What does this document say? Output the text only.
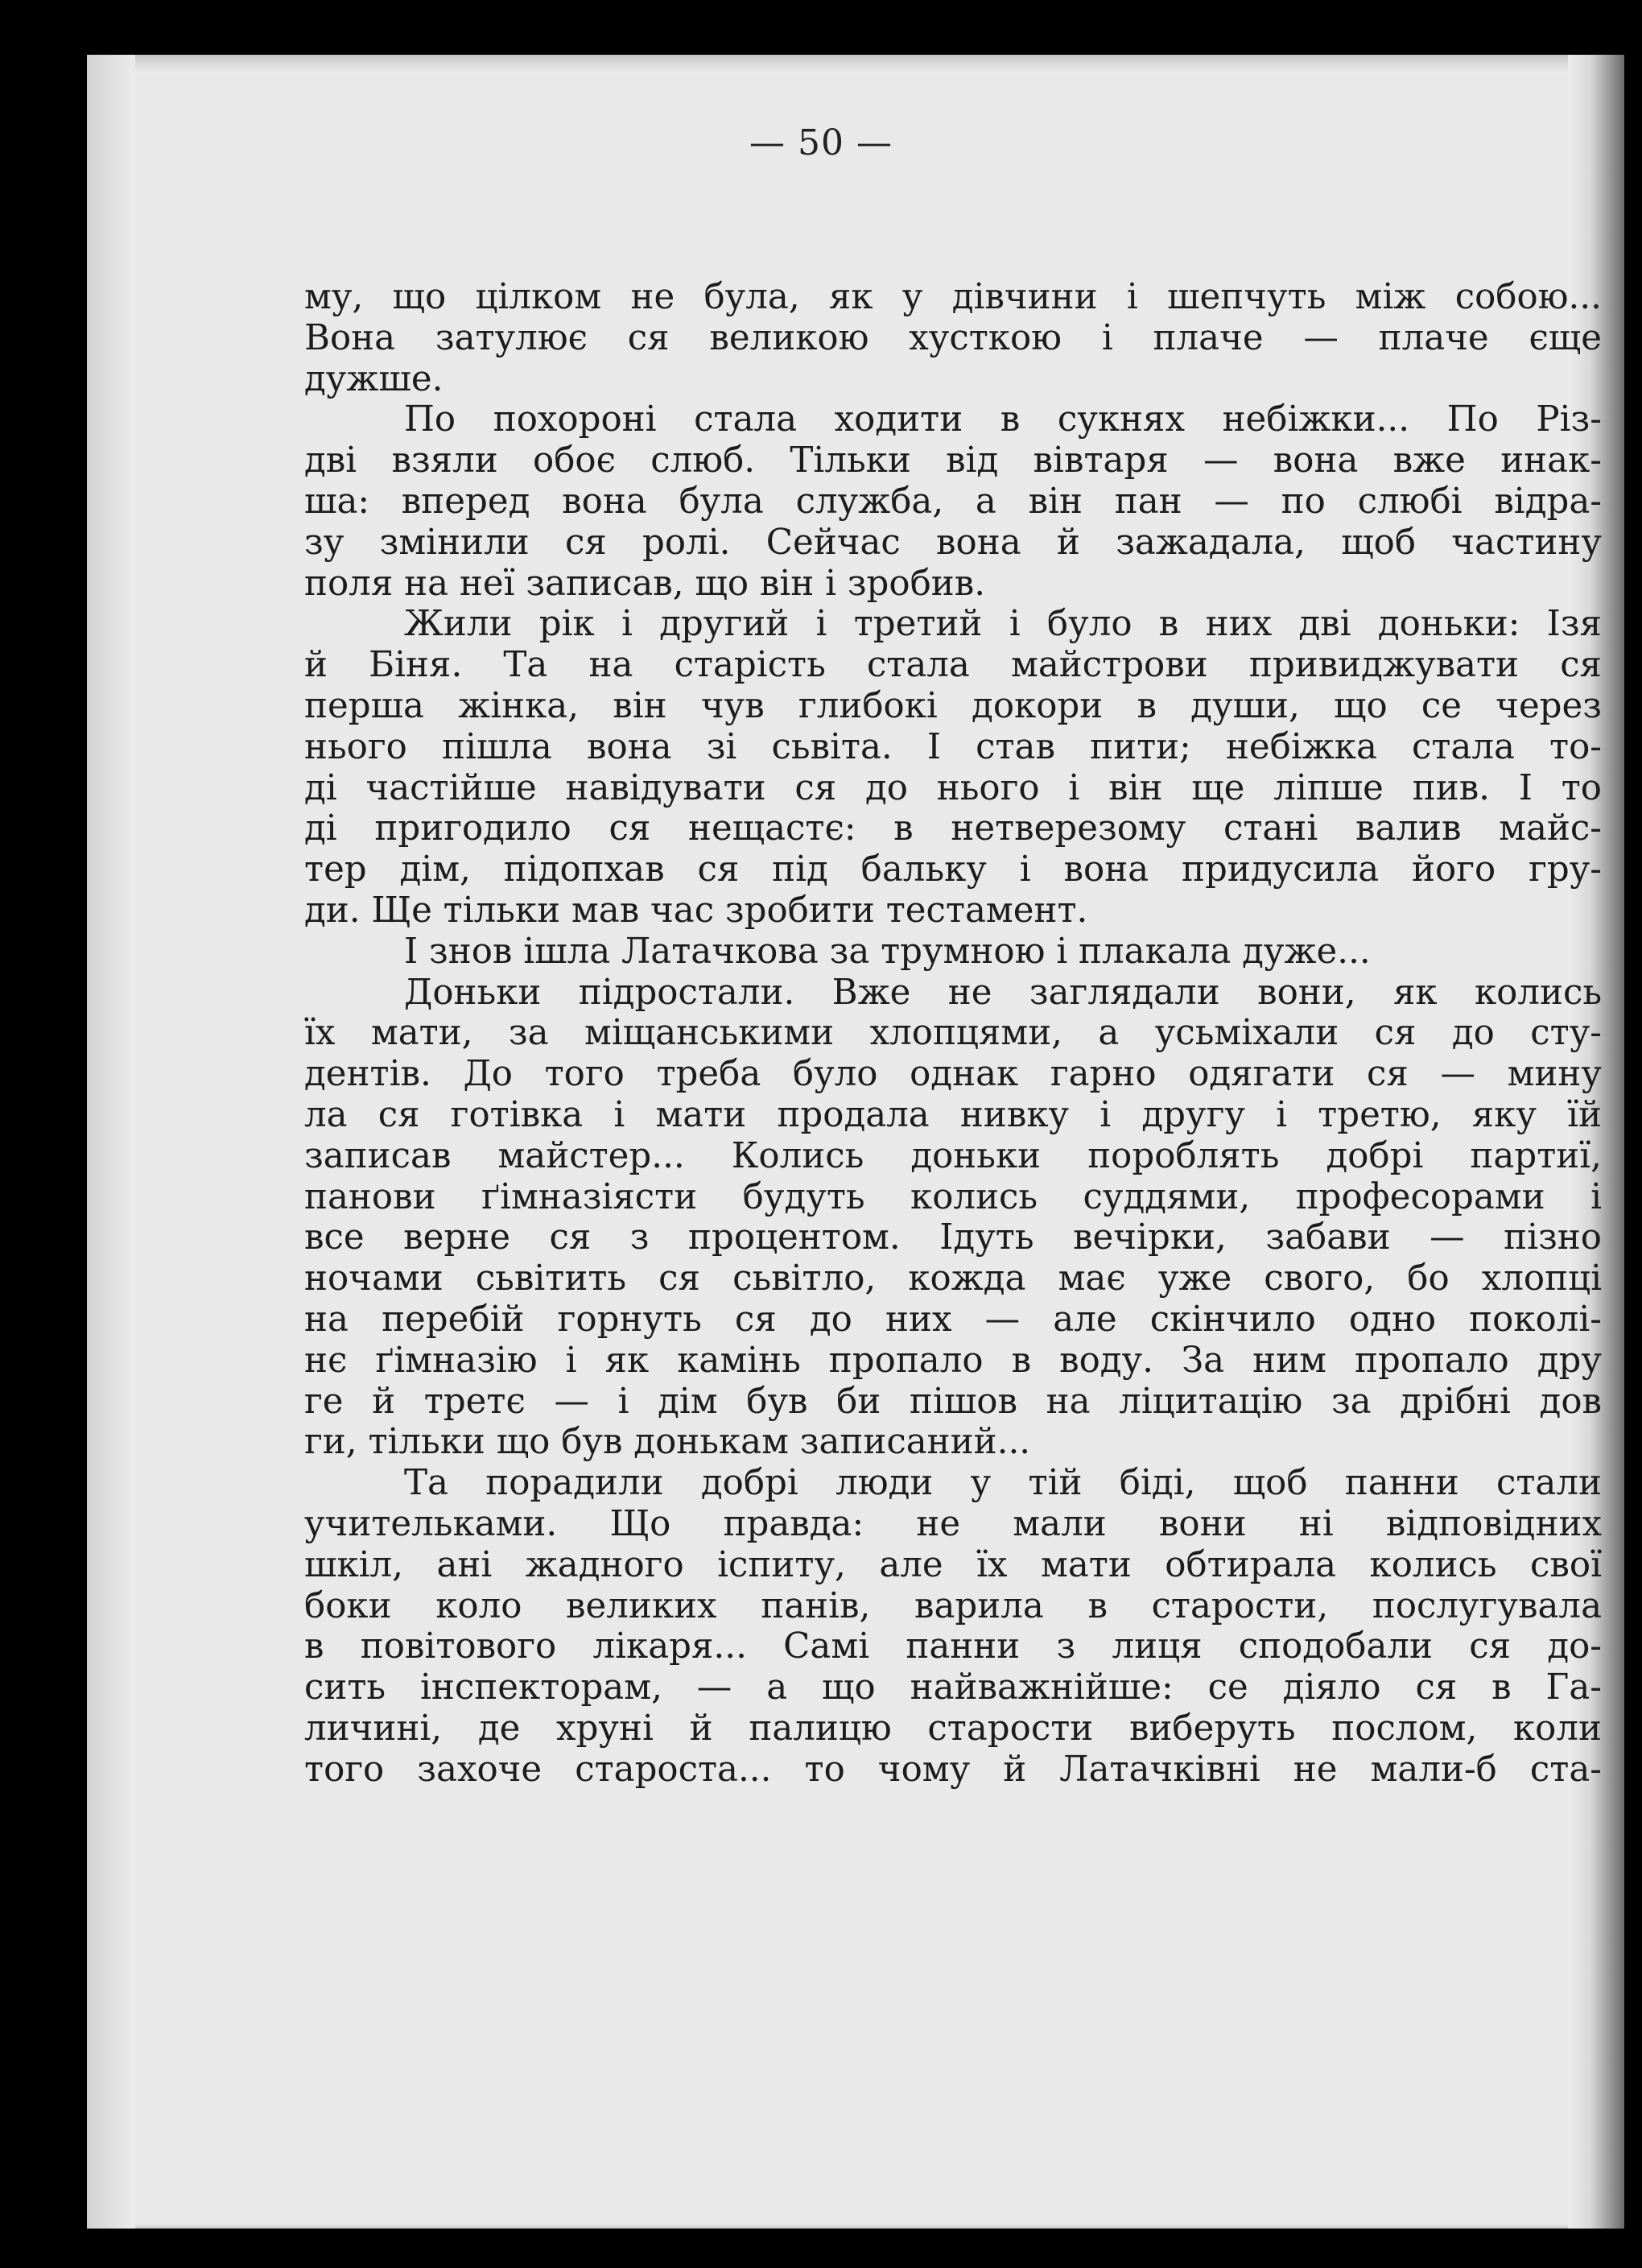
— 50 —
му, що цілком не була, як у дівчини і шепчуть між собою...
Вона затулює ся великою хусткою і плаче — плаче єще
дужше.
По похороні стала ходити в сукнях небіжки... По Різ-
дві взяли обоє слюб. Тільки від вівтаря — вона вже инак-
ша: вперед вона була служба, а він пан — по слюбі відра-
зу змінили ся ролі. Сейчас вона й зажадала, щоб частину
поля на неї записав, що він і зробив.
Жили рік і другий і третий і було в них дві доньки: Ізя
й Біня. Та на старість стала майстрови привиджувати ся
перша жінка, він чув глибокі докори в души, що се через
нього пішла вона зі сьвіта. І став пити; небіжка стала то-
ді частійше навідувати ся до нього і він ще ліпше пив. І то
ді пригодило ся нещастє: в нетверезому стані валив майс-
тер дім, підопхав ся під бальку і вона придусила його гру-
ди. Ще тільки мав час зробити тестамент.
І знов ішла Латачкова за трумною і плакала дуже...
Доньки підростали. Вже не заглядали вони, як колись
їх мати, за міщанськими хлопцями, а усьміхали ся до сту-
дентів. До того треба було однак гарно одягати ся — мину
ла ся готівка і мати продала нивку і другу і третю, яку їй
записав майстер... Колись доньки пороблять добрі партиї,
панови ґімназіясти будуть колись суддями, професорами і
все верне ся з процентом. Ідуть вечірки, забави — пізно
ночами сьвітить ся сьвітло, кожда має уже свого, бо хлопці
на перебій горнуть ся до них — але скінчило одно поколі-
нє ґімназію і як камінь пропало в воду. За ним пропало дру
ге й третє — і дім був би пішов на ліцитацію за дрібні дов
ги, тільки що був донькам записаний...
Та порадили добрі люди у тій біді, щоб панни стали
учительками. Що правда: не мали вони ні відповідних
шкіл, ані жадного іспиту, але їх мати обтирала колись свої
боки коло великих панів, варила в старости, послугувала
в повітового лікаря... Самі панни з лиця сподобали ся до-
сить інспекторам, — а що найважнійше: се діяло ся в Га-
личині, де хруні й палицю старости виберуть послом, коли
того захоче староста... то чому й Латачківні не мали-б ста-
